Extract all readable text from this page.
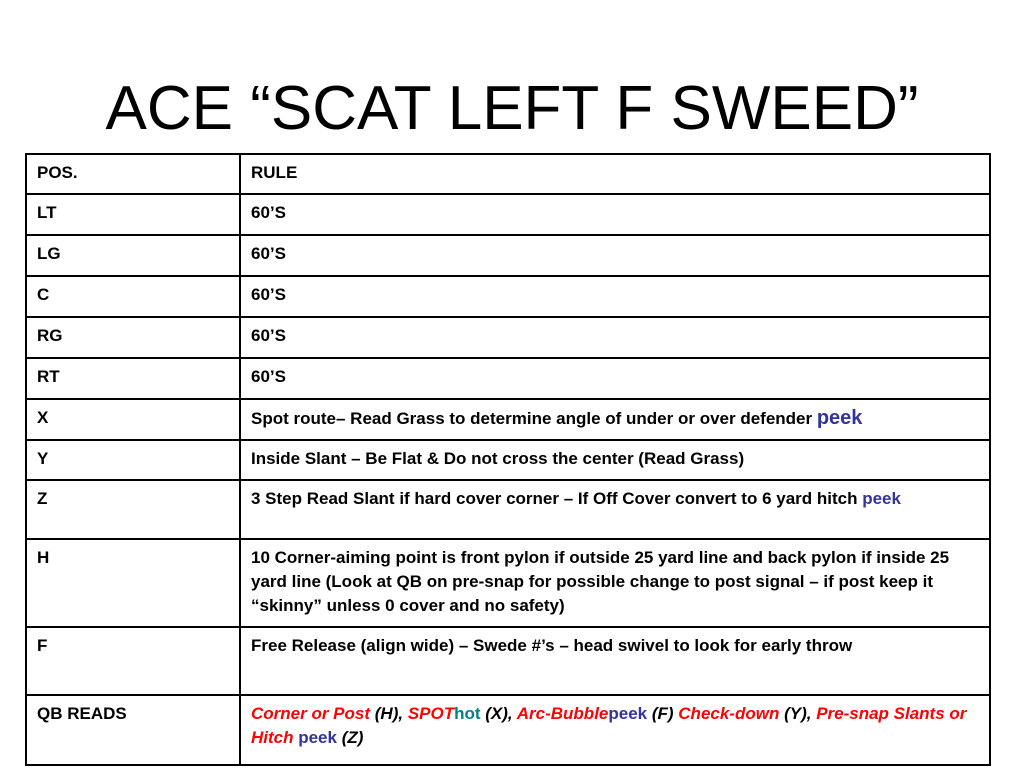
ACE “SCAT LEFT F SWEED”
POS.	RULE
LT	60’S
LG	60’S
C	60’S
RG	60’S
RT	60’S
X	Spot route– Read Grass to determine angle of under or over defender peek
Y	Inside Slant – Be Flat & Do not cross the center (Read Grass)
Z	3 Step Read Slant if hard cover corner – If Off Cover convert to 6 yard hitch peek
H	10 Corner-aiming point is front pylon if outside 25 yard line and back pylon if inside 25 yard line (Look at QB on pre-snap for possible change to post signal – if post keep it “skinny” unless 0 cover and no safety)
F	Free Release (align wide) – Swede #’s – head swivel to look for early throw
QB READS	Corner or Post (H), SPOThot (X), Arc-Bubblepeek (F) Check-down (Y), Pre-snap Slants or Hitch peek (Z)
